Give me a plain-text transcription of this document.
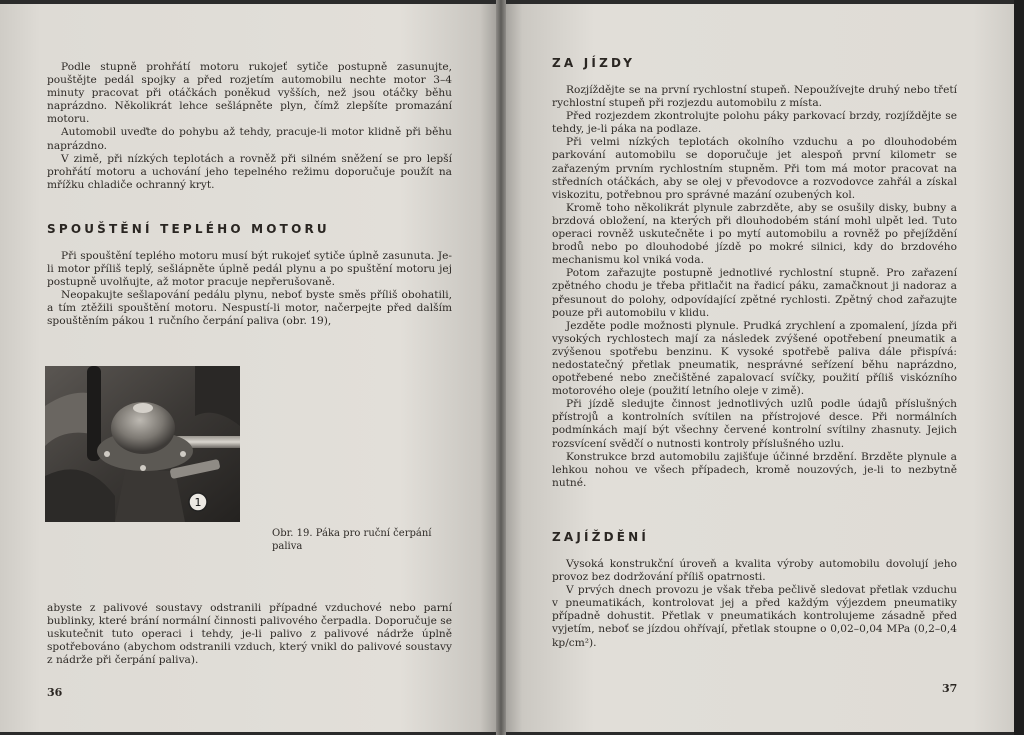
Podle stupně prohřátí motoru rukojeť sytiče postupně zasunujte, pouštějte pedál spojky a před rozjetím automobilu nechte motor 3–4 minuty pracovat při otáčkách poněkud vyšších, než jsou otáčky běhu naprázdno. Několikrát lehce sešlápněte plyn, čímž zlepšíte promazání motoru.

Automobil uveďte do pohybu až tehdy, pracuje-li motor klidně při běhu naprázdno.

V zimě, při nízkých teplotách a rovněž při silném sněžení se pro lepší prohřátí motoru a uchování jeho tepelného režimu doporučuje použít na mřížku chladiče ochranný kryt.

SPOUŠTĚNÍ TEPLÉHO MOTORU

Při spouštění teplého motoru musí být rukojeť sytiče úplně zasunuta. Je-li motor příliš teplý, sešlápněte úplně pedál plynu a po spuštění motoru jej postupně uvolňujte, až motor pracuje nepřerušovaně.

Neopakujte sešlapování pedálu plynu, neboť byste směs příliš obohatili, a tím ztěžili spouštění motoru. Nespustí-li motor, načerpejte před dalším spouštěním pákou 1 ručního čerpání paliva (obr. 19),

1
Obr. 19. Páka pro ruční čerpání paliva

abyste z palivové soustavy odstranili případné vzduchové nebo parní bublinky, které brání normální činnosti palivového čerpadla. Doporučuje se uskutečnit tuto operaci i tehdy, je-li palivo z palivové nádrže úplně spotřebováno (abychom odstranili vzduch, který vnikl do palivové soustavy z nádrže při čerpání paliva).

36
ZA JÍZDY

Rozjíždějte se na první rychlostní stupeň. Nepoužívejte druhý nebo třetí rychlostní stupeň při rozjezdu automobilu z místa.

Před rozjezdem zkontrolujte polohu páky parkovací brzdy, rozjíždějte se tehdy, je-li páka na podlaze.

Při velmi nízkých teplotách okolního vzduchu a po dlouhodobém parkování automobilu se doporučuje jet alespoň první kilometr se zařazeným prvním rychlostním stupněm. Při tom má motor pracovat na středních otáčkách, aby se olej v převodovce a rozvodovce zahřál a získal viskozitu, potřebnou pro správné mazání ozubených kol.

Kromě toho několikrát plynule zabrzděte, aby se osušily disky, bubny a brzdová obložení, na kterých při dlouhodobém stání mohl ulpět led. Tuto operaci rovněž uskutečněte i po mytí automobilu a rovněž po přejíždění brodů nebo po dlouhodobé jízdě po mokré silnici, kdy do brzdového mechanismu kol vniká voda.

Potom zařazujte postupně jednotlivé rychlostní stupně. Pro zařazení zpětného chodu je třeba přitlačit na řadicí páku, zamačknout ji nadoraz a přesunout do polohy, odpovídající zpětné rychlosti. Zpětný chod zařazujte pouze při automobilu v klidu.

Jezděte podle možnosti plynule. Prudká zrychlení a zpomalení, jízda při vysokých rychlostech mají za následek zvýšené opotřebení pneumatik a zvýšenou spotřebu benzinu. K vysoké spotřebě paliva dále přispívá: nedostatečný přetlak pneumatik, nesprávné seřízení běhu naprázdno, opotřebené nebo znečištěné zapalovací svíčky, použití příliš viskózního motorového oleje (použití letního oleje v zimě).

Při jízdě sledujte činnost jednotlivých uzlů podle údajů příslušných přístrojů a kontrolních svítilen na přístrojové desce. Při normálních podmínkách mají být všechny červené kontrolní svítilny zhasnuty. Jejich rozsvícení svědčí o nutnosti kontroly příslušného uzlu.

Konstrukce brzd automobilu zajišťuje účinné brzdění. Brzděte plynule a lehkou nohou ve všech případech, kromě nouzových, je-li to nezbytně nutné.

ZAJÍŽDĚNÍ

Vysoká konstrukční úroveň a kvalita výroby automobilu dovolují jeho provoz bez dodržování příliš opatrnosti.

V prvých dnech provozu je však třeba pečlivě sledovat přetlak vzduchu v pneumatikách, kontrolovat jej a před každým výjezdem pneumatiky případně dohustit. Přetlak v pneumatikách kontrolujeme zásadně před vyjetím, neboť se jízdou ohřívají, přetlak stoupne o 0,02–0,04 MPa (0,2–0,4 kp/cm²).

37
